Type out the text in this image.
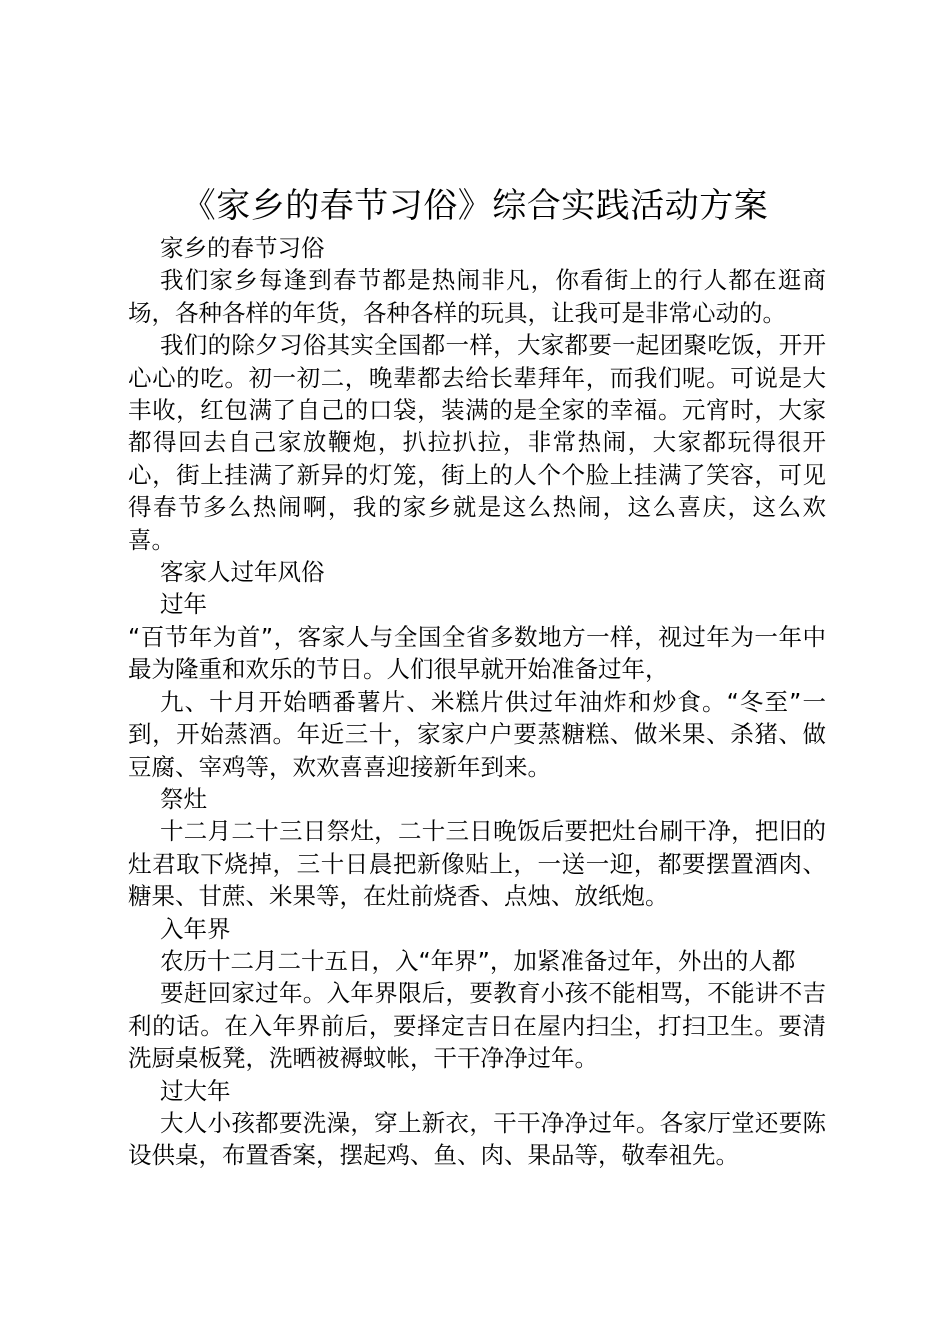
《家乡的春节习俗》综合实践活动方案

家乡的春节习俗

我们家乡每逢到春节都是热闹非凡，你看街上的行人都在逛商场，各种各样的年货，各种各样的玩具，让我可是非常心动的。

我们的除夕习俗其实全国都一样，大家都要一起团聚吃饭，开开心心的吃。初一初二，晚辈都去给长辈拜年，而我们呢。可说是大丰收，红包满了自己的口袋，装满的是全家的幸福。元宵时，大家都得回去自己家放鞭炮，扒拉扒拉，非常热闹，大家都玩得很开心，街上挂满了新异的灯笼，街上的人个个脸上挂满了笑容，可见得春节多么热闹啊，我的家乡就是这么热闹，这么喜庆，这么欢喜。

客家人过年风俗

过年

“百节年为首”，客家人与全国全省多数地方一样，视过年为一年中最为隆重和欢乐的节日。人们很早就开始准备过年，

九、十月开始晒番薯片、米糕片供过年油炸和炒食。“冬至”一到，开始蒸酒。年近三十，家家户户要蒸糖糕、做米果、杀猪、做豆腐、宰鸡等，欢欢喜喜迎接新年到来。

祭灶

十二月二十三日祭灶，二十三日晚饭后要把灶台刷干净，把旧的灶君取下烧掉，三十日晨把新像贴上，一送一迎，都要摆置酒肉、糖果、甘蔗、米果等，在灶前烧香、点烛、放纸炮。

入年界

农历十二月二十五日，入“年界”，加紧准备过年，外出的人都

要赶回家过年。入年界限后，要教育小孩不能相骂，不能讲不吉利的话。在入年界前后，要择定吉日在屋内扫尘，打扫卫生。要清洗厨桌板凳，洗晒被褥蚊帐，干干净净过年。

过大年

大人小孩都要洗澡，穿上新衣，干干净净过年。各家厅堂还要陈设供桌，布置香案，摆起鸡、鱼、肉、果品等，敬奉祖先。
